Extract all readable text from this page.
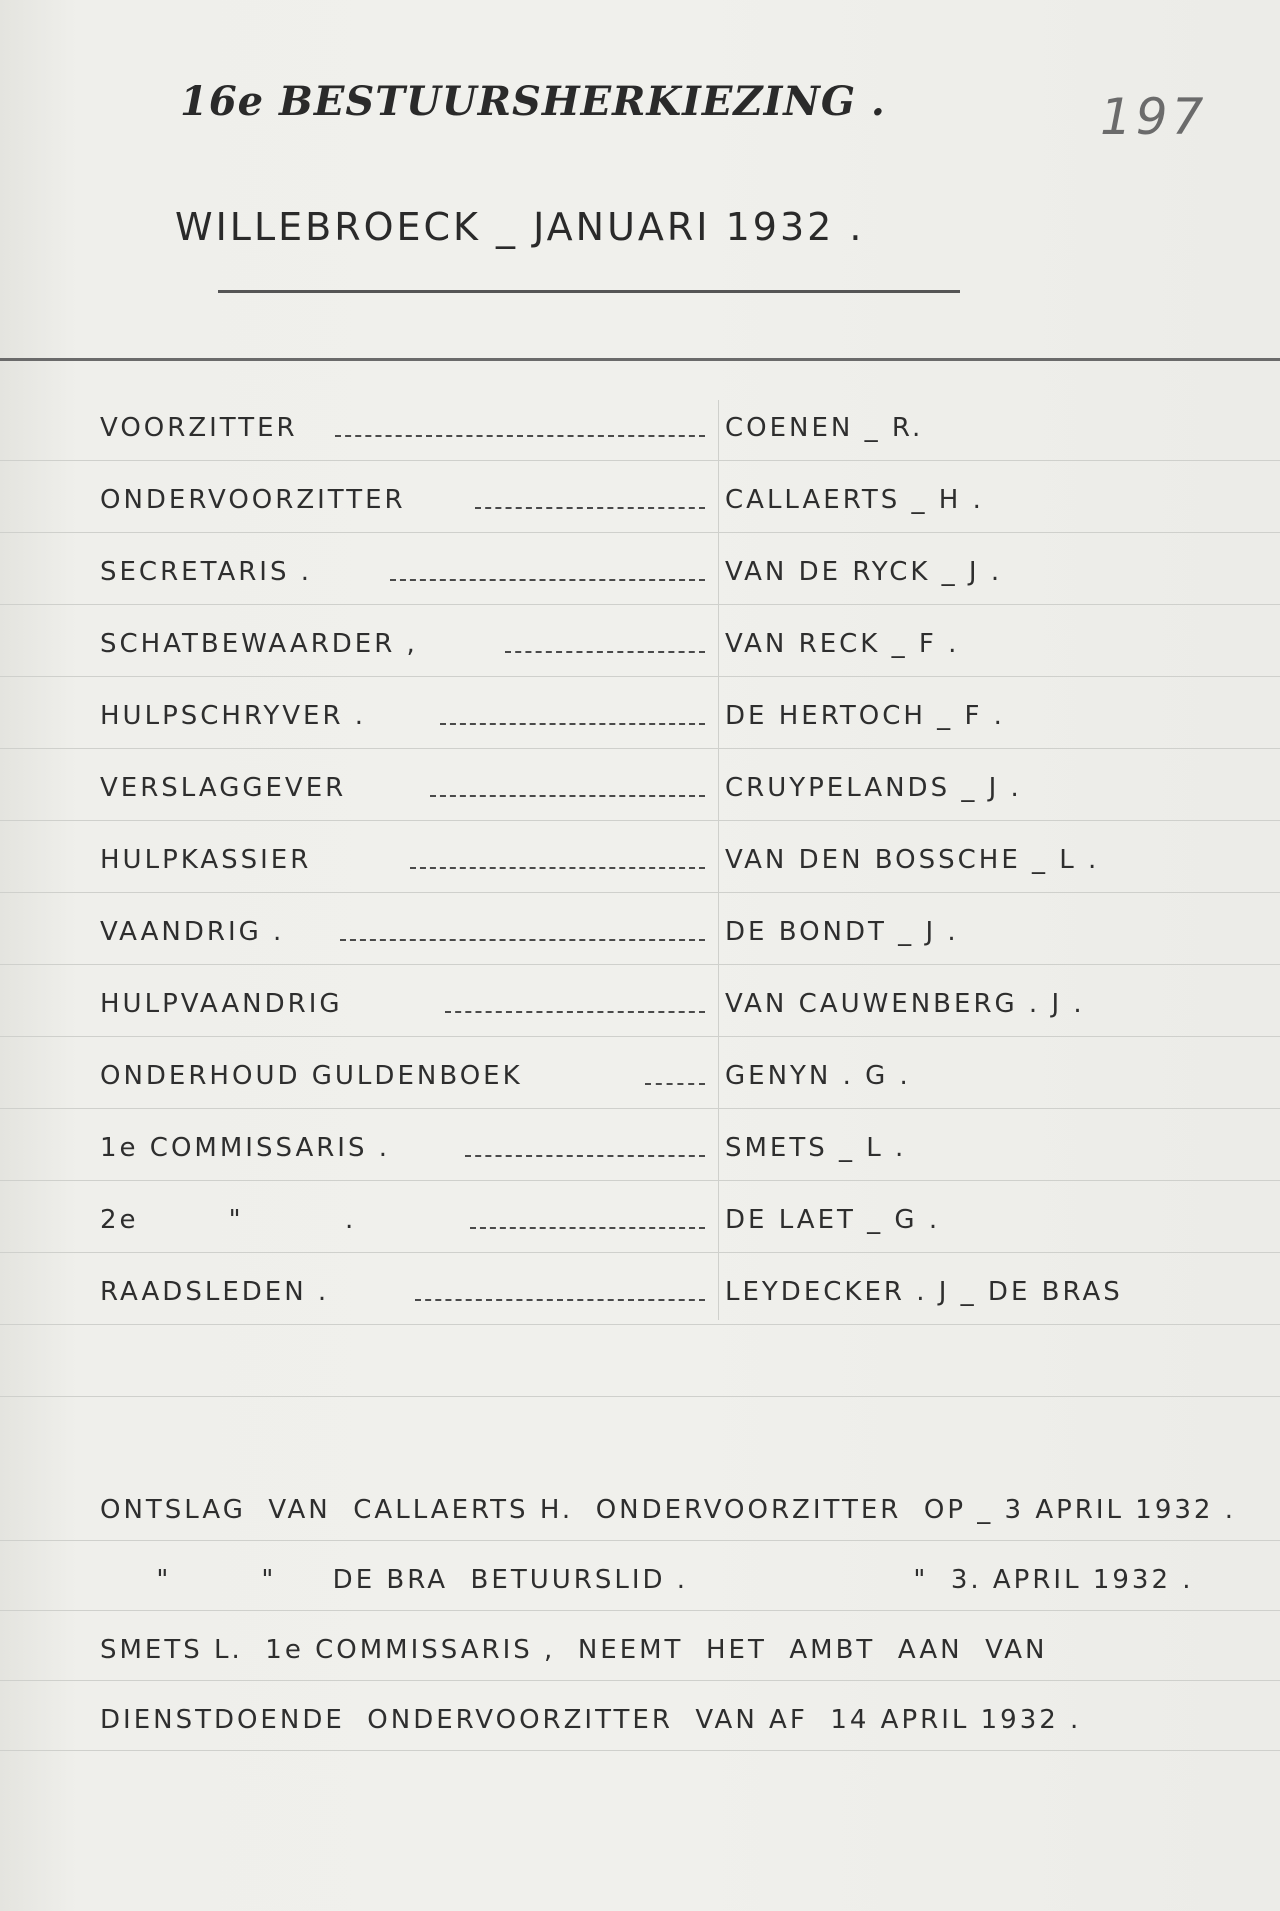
16e BESTUURSHERKIEZING .	197
WILLEBROECK _ JANUARI 1932 .
VOORZITTER	COENEN _ R.
ONDERVOORZITTER	CALLAERTS _ H .
SECRETARIS .	VAN DE RYCK _ J .
SCHATBEWAARDER ,	VAN RECK _ F .
HULPSCHRYVER .	DE HERTOCH _ F .
VERSLAGGEVER	CRUYPELANDS _ J .
HULPKASSIER	VAN DEN BOSSCHE _ L .
VAANDRIG .	DE BONDT _ J .
HULPVAANDRIG	VAN CAUWENBERG . J .
ONDERHOUD GULDENBOEK	GENYN . G .
1e COMMISSARIS .	SMETS _ L .
2e        "         .	DE LAET _ G .
RAADSLEDEN .	LEYDECKER . J _ DE BRAS
ONTSLAG  VAN  CALLAERTS H.  ONDERVOORZITTER  OP _ 3 APRIL 1932 .
"        "     DE BRA  BETUURSLID .                    "  3. APRIL 1932 .
SMETS L.  1e COMMISSARIS ,  NEEMT  HET  AMBT  AAN  VAN
DIENSTDOENDE  ONDERVOORZITTER  VAN AF  14 APRIL 1932 .
